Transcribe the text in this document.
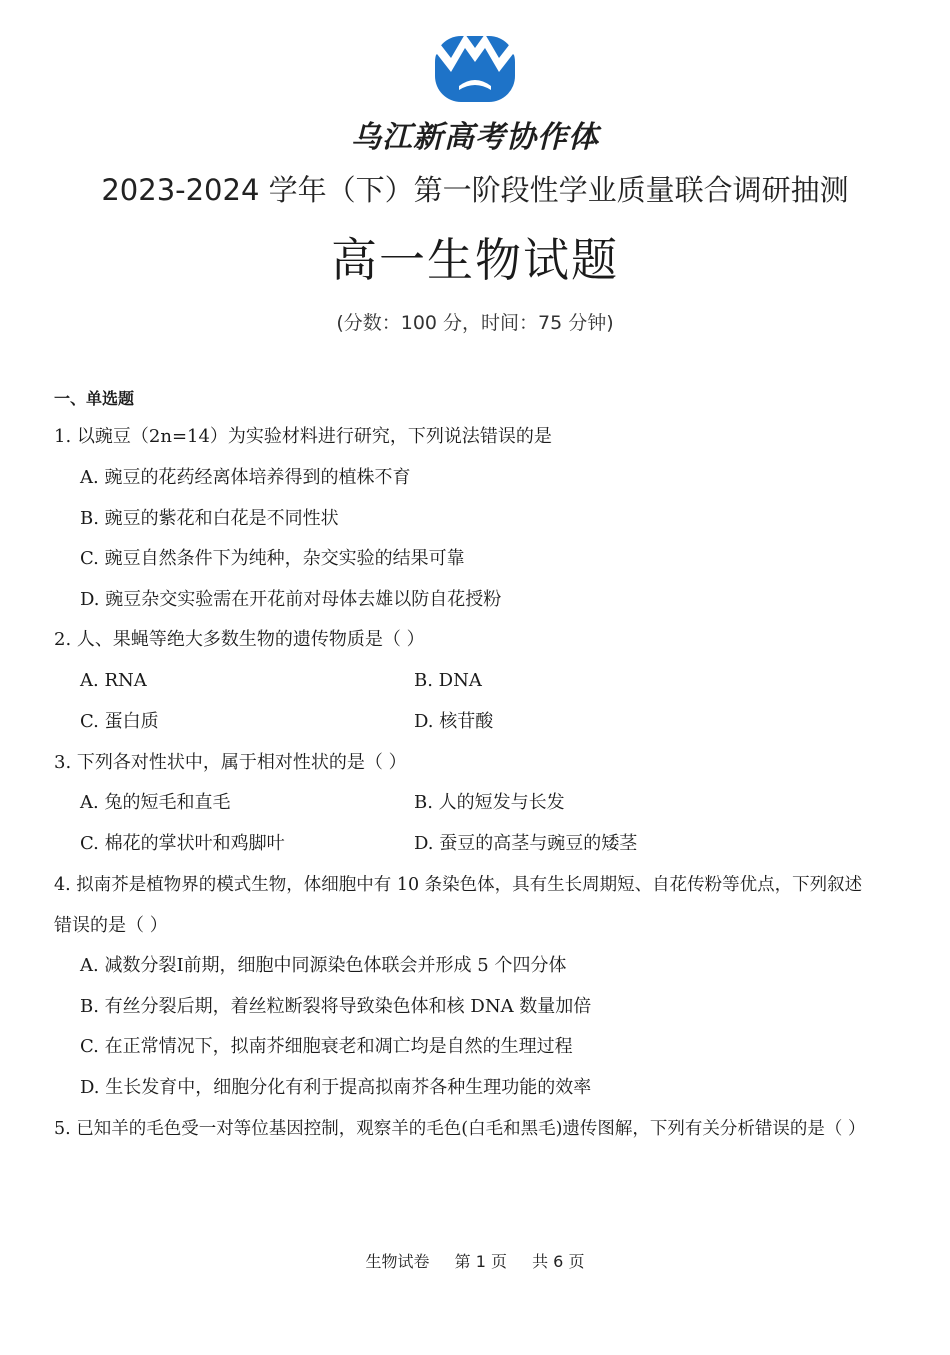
乌江新高考协作体
2023-2024 学年（下）第一阶段性学业质量联合调研抽测
高一生物试题
(分数：100 分，时间：75 分钟)
一、单选题
1. 以豌豆（2n=14）为实验材料进行研究，下列说法错误的是
A. 豌豆的花药经离体培养得到的植株不育
B. 豌豆的紫花和白花是不同性状
C. 豌豆自然条件下为纯种，杂交实验的结果可靠
D. 豌豆杂交实验需在开花前对母体去雄以防自花授粉
2. 人、果蝇等绝大多数生物的遗传物质是（ ）
A. RNA	B. DNA
C. 蛋白质	D. 核苷酸
3. 下列各对性状中，属于相对性状的是（ ）
A. 兔的短毛和直毛	B. 人的短发与长发
C. 棉花的掌状叶和鸡脚叶	D. 蚕豆的高茎与豌豆的矮茎
4. 拟南芥是植物界的模式生物，体细胞中有 10 条染色体，具有生长周期短、自花传粉等优点，下列叙述
错误的是（ ）
A. 减数分裂Ⅰ前期，细胞中同源染色体联会并形成 5 个四分体
B. 有丝分裂后期，着丝粒断裂将导致染色体和核 DNA 数量加倍
C. 在正常情况下，拟南芥细胞衰老和凋亡均是自然的生理过程
D. 生长发育中，细胞分化有利于提高拟南芥各种生理功能的效率
5. 已知羊的毛色受一对等位基因控制，观察羊的毛色(白毛和黑毛)遗传图解，下列有关分析错误的是（ ）
生物试卷 第 1 页 共 6 页
